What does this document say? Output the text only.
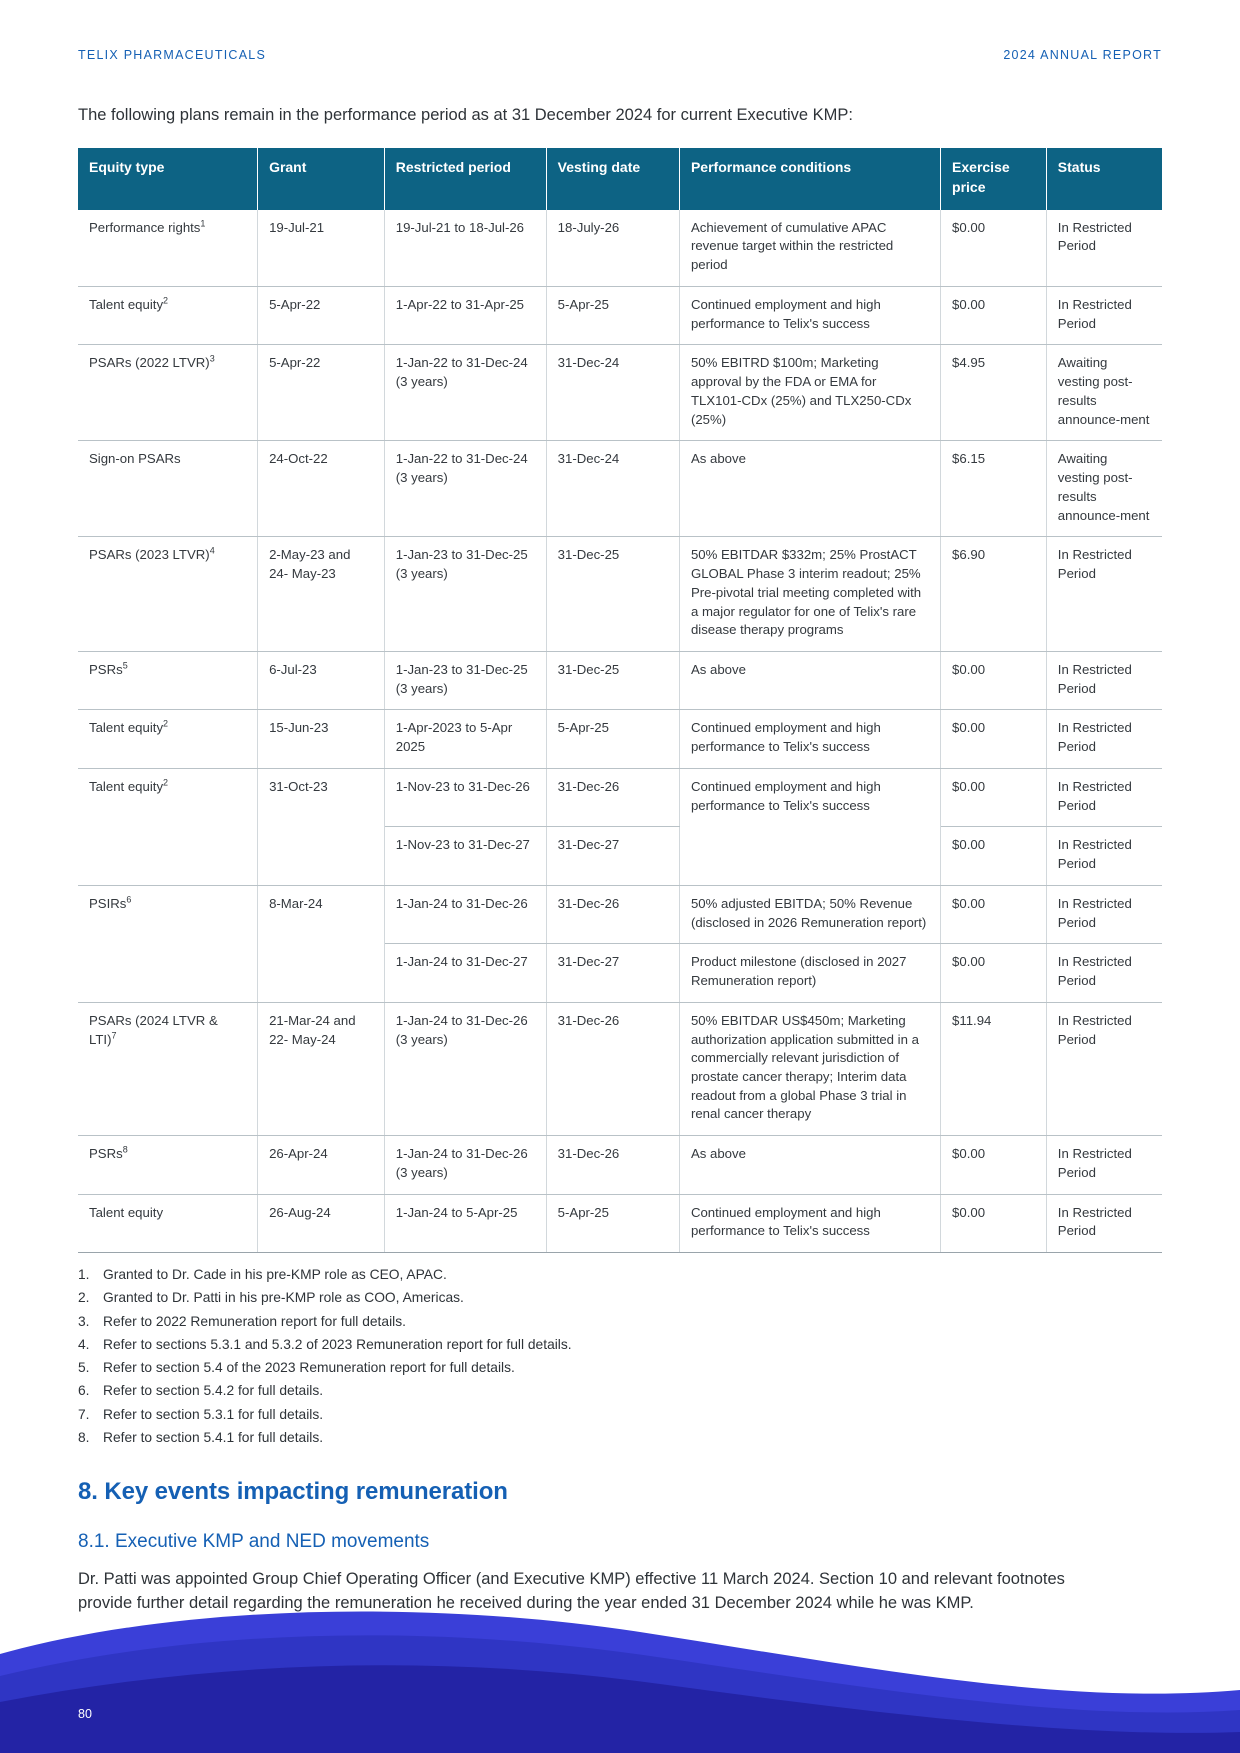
TELIX PHARMACEUTICALS	2024 ANNUAL REPORT
The following plans remain in the performance period as at 31 December 2024 for current Executive KMP:
Equity type	Grant	Restricted period	Vesting date	Performance conditions	Exercise price	Status
Performance rights$^1$	19-Jul-21	19-Jul-21 to 18-Jul-26	18-July-26	Achievement of cumulative APAC revenue target within the restricted period	$0.00	In Restricted Period
Talent equity$^2$	5-Apr-22	1-Apr-22 to 31-Apr-25	5-Apr-25	Continued employment and high performance to Telix's success	$0.00	In Restricted Period
PSARs (2022 LTVR)$^3$	5-Apr-22	1-Jan-22 to 31-Dec-24 (3 years)	31-Dec-24	50% EBITRD $100m; Marketing approval by the FDA or EMA for TLX101-CDx (25%) and TLX250-CDx (25%)	$4.95	Awaiting vesting post-results announce-ment
Sign-on PSARs	24-Oct-22	1-Jan-22 to 31-Dec-24 (3 years)	31-Dec-24	As above	$6.15	Awaiting vesting post-results announce-ment
PSARs (2023 LTVR)$^4$	2-May-23 and 24- May-23	1-Jan-23 to 31-Dec-25 (3 years)	31-Dec-25	50% EBITDAR $332m; 25% ProstACT GLOBAL Phase 3 interim readout; 25% Pre-pivotal trial meeting completed with a major regulator for one of Telix's rare disease therapy programs	$6.90	In Restricted Period
PSRs$^5$	6-Jul-23	1-Jan-23 to 31-Dec-25 (3 years)	31-Dec-25	As above	$0.00	In Restricted Period
Talent equity$^2$	15-Jun-23	1-Apr-2023 to 5-Apr 2025	5-Apr-25	Continued employment and high performance to Telix's success	$0.00	In Restricted Period
Talent equity$^2$	31-Oct-23	1-Nov-23 to 31-Dec-26	31-Dec-26	Continued employment and high performance to Telix's success	$0.00	In Restricted Period
		1-Nov-23 to 31-Dec-27	31-Dec-27		$0.00	In Restricted Period
PSIRs$^6$	8-Mar-24	1-Jan-24 to 31-Dec-26	31-Dec-26	50% adjusted EBITDA; 50% Revenue (disclosed in 2026 Remuneration report)	$0.00	In Restricted Period
		1-Jan-24 to 31-Dec-27	31-Dec-27	Product milestone (disclosed in 2027 Remuneration report)	$0.00	In Restricted Period
PSARs (2024 LTVR & LTI)$^7$	21-Mar-24 and 22- May-24	1-Jan-24 to 31-Dec-26 (3 years)	31-Dec-26	50% EBITDAR US$450m; Marketing authorization application submitted in a commercially relevant jurisdiction of prostate cancer therapy; Interim data readout from a global Phase 3 trial in renal cancer therapy	$11.94	In Restricted Period
PSRs$^8$	26-Apr-24	1-Jan-24 to 31-Dec-26 (3 years)	31-Dec-26	As above	$0.00	In Restricted Period
Talent equity	26-Aug-24	1-Jan-24 to 5-Apr-25	5-Apr-25	Continued employment and high performance to Telix's success	$0.00	In Restricted Period
1. Granted to Dr. Cade in his pre-KMP role as CEO, APAC.
2. Granted to Dr. Patti in his pre-KMP role as COO, Americas.
3. Refer to 2022 Remuneration report for full details.
4. Refer to sections 5.3.1 and 5.3.2 of 2023 Remuneration report for full details.
5. Refer to section 5.4 of the 2023 Remuneration report for full details.
6. Refer to section 5.4.2 for full details.
7. Refer to section 5.3.1 for full details.
8. Refer to section 5.4.1 for full details.
8. Key events impacting remuneration
8.1. Executive KMP and NED movements
Dr. Patti was appointed Group Chief Operating Officer (and Executive KMP) effective 11 March 2024. Section 10 and relevant footnotes provide further detail regarding the remuneration he received during the year ended 31 December 2024 while he was KMP.
80
